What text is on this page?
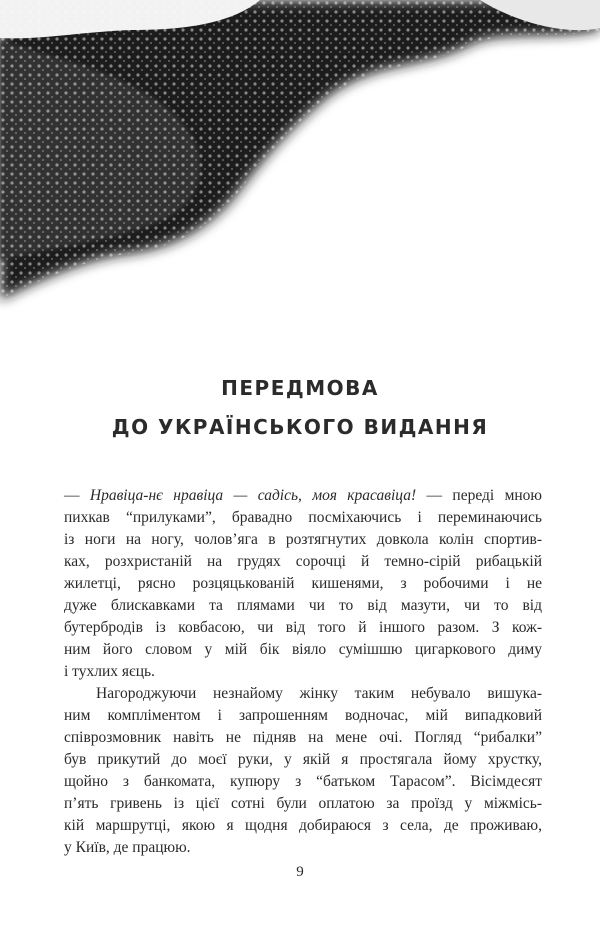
ПЕРЕДМОВА
ДО УКРАЇНСЬКОГО ВИДАННЯ
— Нравіца-нє нравіца — садісь, моя красавіца! — переді мною
пихкав “прилуками”, бравадно посміхаючись і переминаючись
із ноги на ногу, чолов’яга в розтягнутих довкола колін спортив-
ках, розхристаній на грудях сорочці й темно-сірій рибацькій
жилетці, рясно розцяцькованій кишенями, з робочими і не
дуже блискавками та плямами чи то від мазути, чи то від
бутербродів із ковбасою, чи від того й іншого разом. З кож-
ним його словом у мій бік віяло сумішшю цигаркового диму
і тухлих яєць.
Нагороджуючи незнайому жінку таким небувало вишука-
ним компліментом і запрошенням водночас, мій випадковий
співрозмовник навіть не підняв на мене очі. Погляд “рибалки”
був прикутий до моєї руки, у якій я простягала йому хрустку,
щойно з банкомата, купюру з “батьком Тарасом”. Вісімдесят
п’ять гривень із цієї сотні були оплатою за проїзд у міжмісь-
кій маршрутці, якою я щодня добираюся з села, де проживаю,
у Київ, де працюю.
9
